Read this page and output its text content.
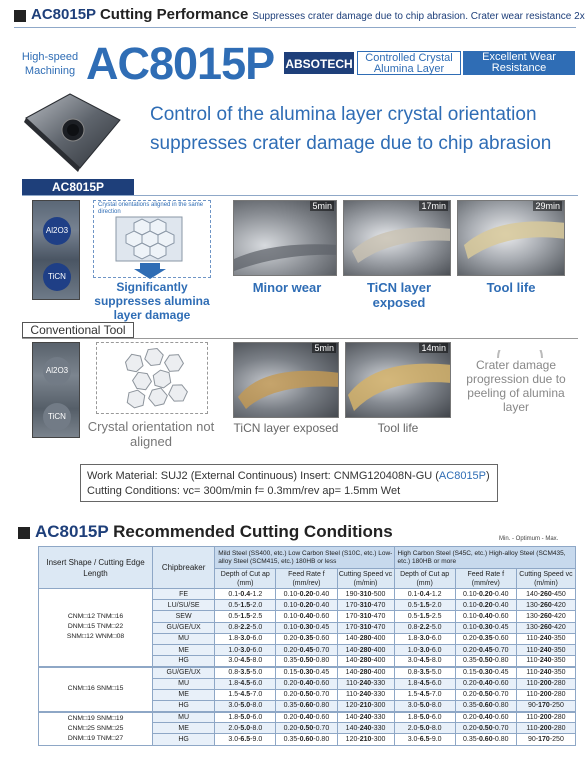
AC8015P Cutting Performance Suppresses crater damage due to chip abrasion. Crater wear resistance 2x
High-speed Machining AC8015P ABSOTECH	Controlled Crystal Alumina Layer
Excellent Wear Resistance
Control of the alumina layer crystal orientation suppresses crater damage due to chip abrasion
AC8015P
Al2O3
TiCN
Crystal orientations aligned in the same direction
Significantly suppresses alumina layer damage
5min	17min	29min
Minor wear	TiCN layer exposed
Tool life
Conventional Tool
Al2O3
TiCN
Crystal orientation not aligned
5min	14min
TiCN layer exposed	Tool life
Crater damage progression due to peeling of alumina layer
Work Material: SUJ2 (External Continuous) Insert: CNMG120408N-GU (AC8015P)
Cutting Conditions: vc= 300m/min f= 0.3mm/rev ap= 1.5mm Wet
AC8015P Recommended Cutting Conditions	Min. - Optimum - Max.
Insert Shape / Cutting Edge Length	Chipbreaker	Mild Steel (SS400, etc.) Low Carbon Steel (S10C, etc.) Low-alloy Steel (SCM415, etc.) 180HB or less			High Carbon Steel (S45C, etc.) High-alloy Steel (SCM435, etc.) 180HB or more		
		Depth of Cut ap (mm)	Feed Rate f (mm/rev)	Cutting Speed vc (m/min)	Depth of Cut ap (mm)	Feed Rate f (mm/rev)	Cutting Speed vc (m/min)

CNM□12 TNM□16
DNM□15 TNM□22
SNM□12 WNM□08	FE	0.1-0.4-1.2	0.10-0.20-0.40	190-310-500	0.1-0.4-1.2	0.10-0.20-0.40	140-260-450
	LU/SU/SE	0.5-1.5-2.0	0.10-0.20-0.40	170-310-470	0.5-1.5-2.0	0.10-0.20-0.40	130-260-420
	SEW	0.5-1.5-2.5	0.10-0.40-0.60	170-310-470	0.5-1.5-2.5	0.10-0.40-0.60	130-260-420
	GU/GE/UX	0.8-2.2-5.0	0.10-0.30-0.45	170-310-470	0.8-2.2-5.0	0.10-0.30-0.45	130-260-420
	MU	1.8-3.0-6.0	0.20-0.35-0.60	140-280-400	1.8-3.0-6.0	0.20-0.35-0.60	110-240-350
	ME	1.0-3.0-6.0	0.20-0.45-0.70	140-280-400	1.0-3.0-6.0	0.20-0.45-0.70	110-240-350
	HG	3.0-4.5-8.0	0.35-0.50-0.80	140-280-400	3.0-4.5-8.0	0.35-0.50-0.80	110-240-350

CNM□16 SNM□15	GU/GE/UX	0.8-3.5-5.0	0.15-0.30-0.45	140-280-400	0.8-3.5-5.0	0.15-0.30-0.45	110-240-350
	MU	1.8-4.5-6.0	0.20-0.40-0.60	110-240-330	1.8-4.5-6.0	0.20-0.40-0.60	110-200-280
	ME	1.5-4.5-7.0	0.20-0.50-0.70	110-240-330	1.5-4.5-7.0	0.20-0.50-0.70	110-200-280
	HG	3.0-5.0-8.0	0.35-0.60-0.80	120-210-300	3.0-5.0-8.0	0.35-0.60-0.80	90-170-250

CNM□19 SNM□19
CNM□25 SNM□25
DNM□19 TNM□27	MU	1.8-5.0-6.0	0.20-0.40-0.60	140-240-330	1.8-5.0-6.0	0.20-0.40-0.60	110-200-280
	ME	2.0-5.0-8.0	0.20-0.50-0.70	140-240-330	2.0-5.0-8.0	0.20-0.50-0.70	110-200-280
	HG	3.0-6.5-9.0	0.35-0.60-0.80	120-210-300	3.0-6.5-9.0	0.35-0.60-0.80	90-170-250
